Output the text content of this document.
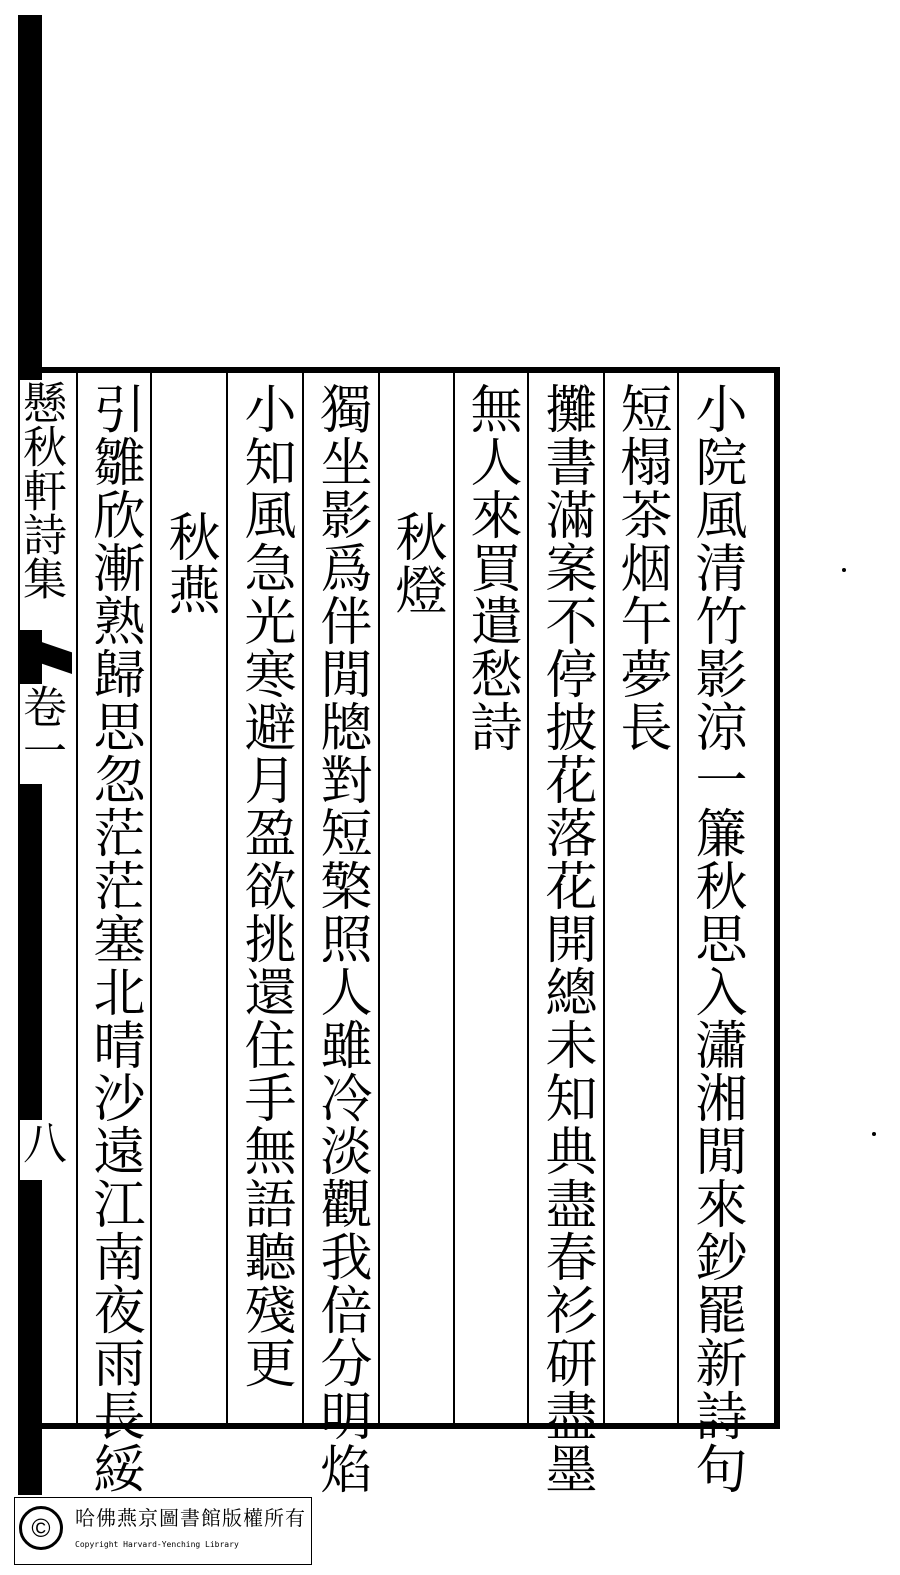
小院風清竹影涼一簾秋思入瀟湘閒來鈔罷新詩句
短榻茶烟午夢長
攤書滿案不停披花落花開總未知典盡春衫研盡墨
無人來買遣愁詩
秋燈
獨坐影爲伴閒牕對短檠照人雖冷淡觀我倍分明焰
小知風急光寒避月盈欲挑還住手無語聽殘更
秋燕
引雛欣漸熟歸思忽茫茫塞北晴沙遠江南夜雨長綏
懸秋軒詩集
卷一
八
©	哈佛燕京圖書館版權所有
Copyright Harvard-Yenching Library
